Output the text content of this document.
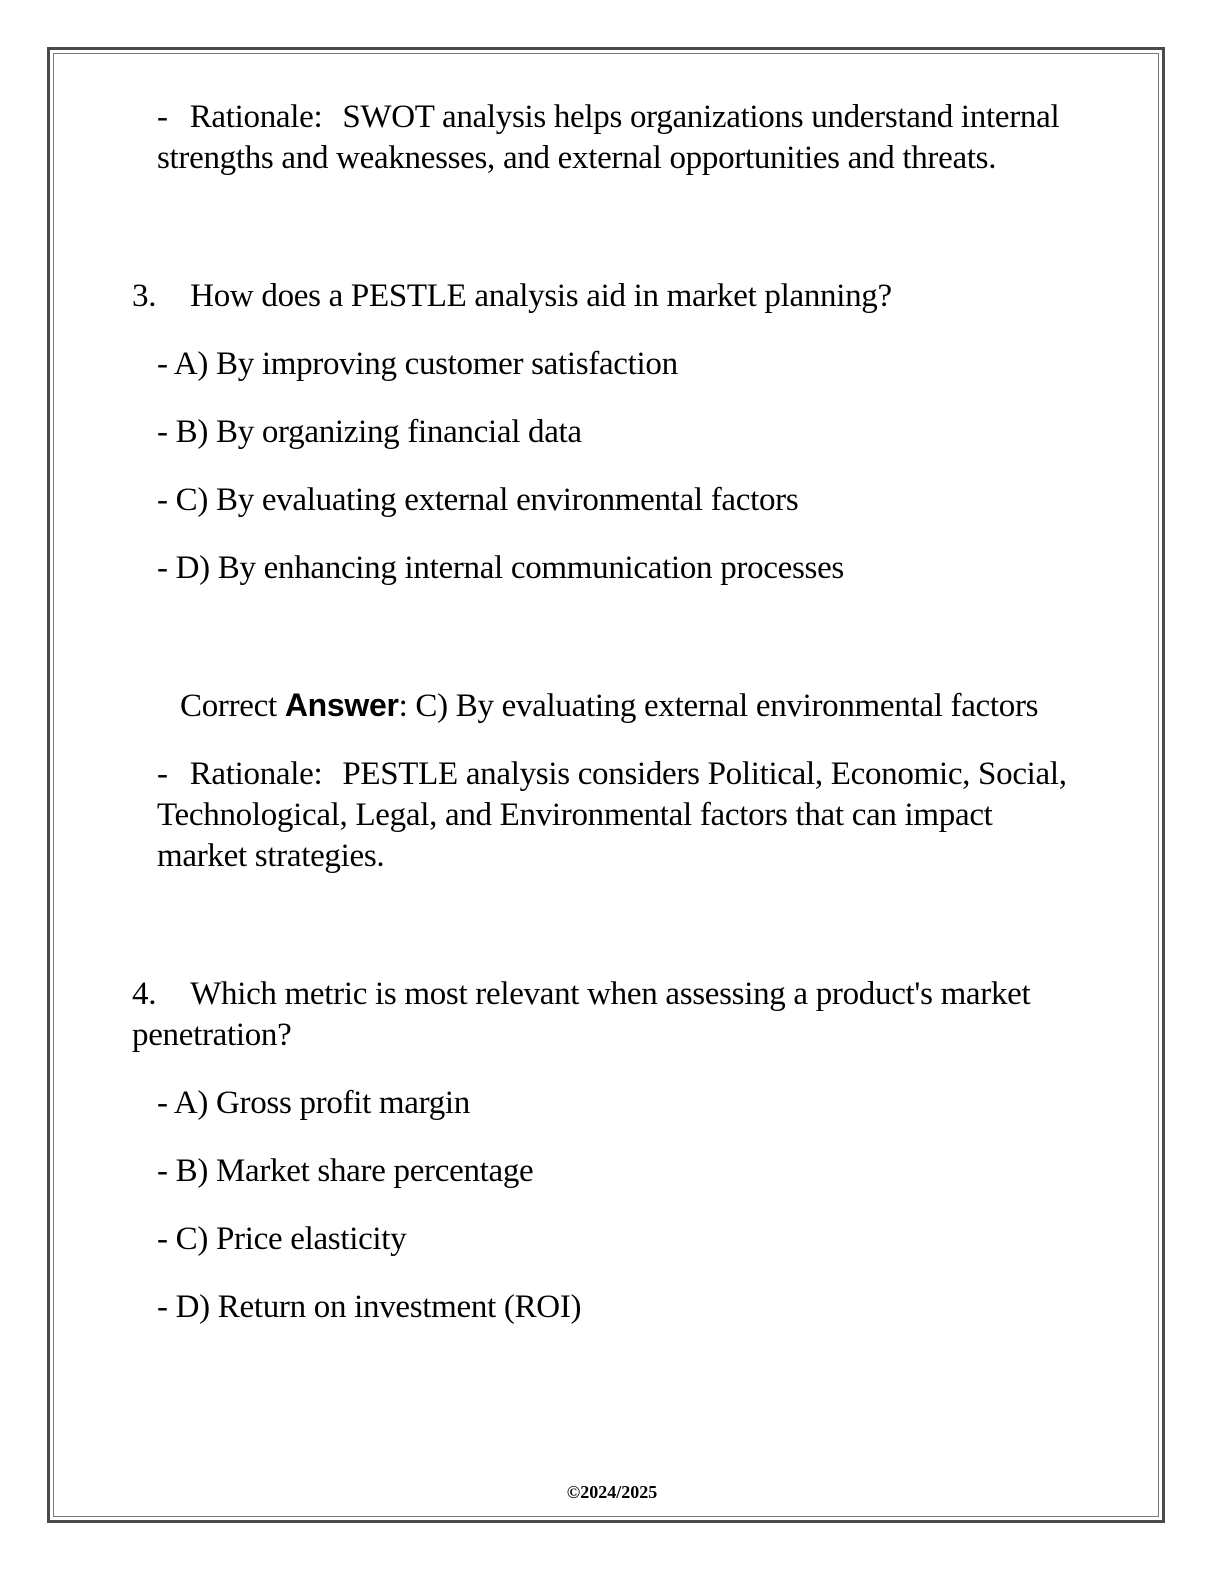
- Rationale: SWOT analysis helps organizations understand internal strengths and weaknesses, and external opportunities and threats.

3. How does a PESTLE analysis aid in market planning?

- A) By improving customer satisfaction

- B) By organizing financial data

- C) By evaluating external environmental factors

- D) By enhancing internal communication processes

Correct Answer: C) By evaluating external environmental factors

- Rationale: PESTLE analysis considers Political, Economic, Social, Technological, Legal, and Environmental factors that can impact market strategies.

4. Which metric is most relevant when assessing a product's market penetration?

- A) Gross profit margin

- B) Market share percentage

- C) Price elasticity

- D) Return on investment (ROI)

©2024/2025
